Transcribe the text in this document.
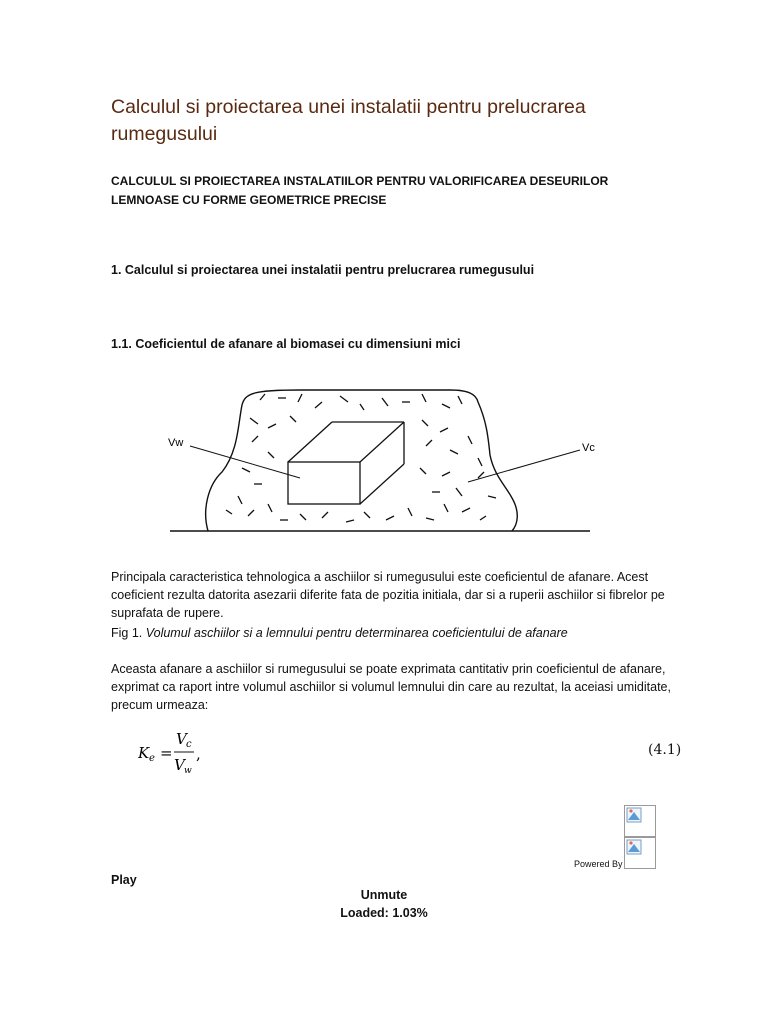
Calculul si proiectarea unei instalatii pentru prelucrarea rumegusului

CALCULUL SI PROIECTAREA INSTALATIILOR PENTRU VALORIFICAREA DESEURILOR LEMNOASE CU FORME GEOMETRICE PRECISE

1. Calculul si proiectarea unei instalatii pentru prelucrarea rumegusului

1.1. Coeficientul de afanare al biomasei cu dimensiuni mici

Vw	Vc

Principala caracteristica tehnologica a aschiilor si rumegusului este coeficientul de afanare. Acest coeficient rezulta datorita asezarii diferite fata de pozitia initiala, dar si a ruperii aschiilor si fibrelor pe suprafata de rupere.

Fig 1. Volumul aschiilor si a lemnului pentru determinarea coeficientului de afanare

Aceasta afanare a aschiilor si rumegusului se poate exprimata cantitativ prin coeficientul de afanare, exprimat ca raport intre volumul aschiilor si volumul lemnului din care au rezultat, la aceiasi umiditate, precum urmeaza:

K e =
V c
V w
,	(4.1)
Powered By
Play
Unmute
Loaded: 1.03%
